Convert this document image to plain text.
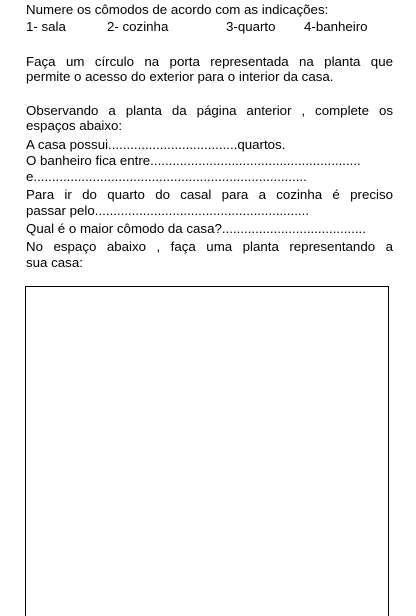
Numere os cômodos de acordo com as indicações:
1- sala	2- cozinha	3-quarto 4-banheiro
Faça um círculo na porta representada na planta que
permite o acesso do exterior para o interior da casa.
Observando a planta da página anterior , complete os
espaços abaixo:
A casa possui...................................quartos.
O banheiro fica entre.........................................................
e..........................................................................
Para ir do quarto do casal para a cozinha é preciso
passar pelo..........................................................
Qual é o maior cômodo da casa?.......................................
No espaço abaixo , faça uma planta representando a
sua casa:
